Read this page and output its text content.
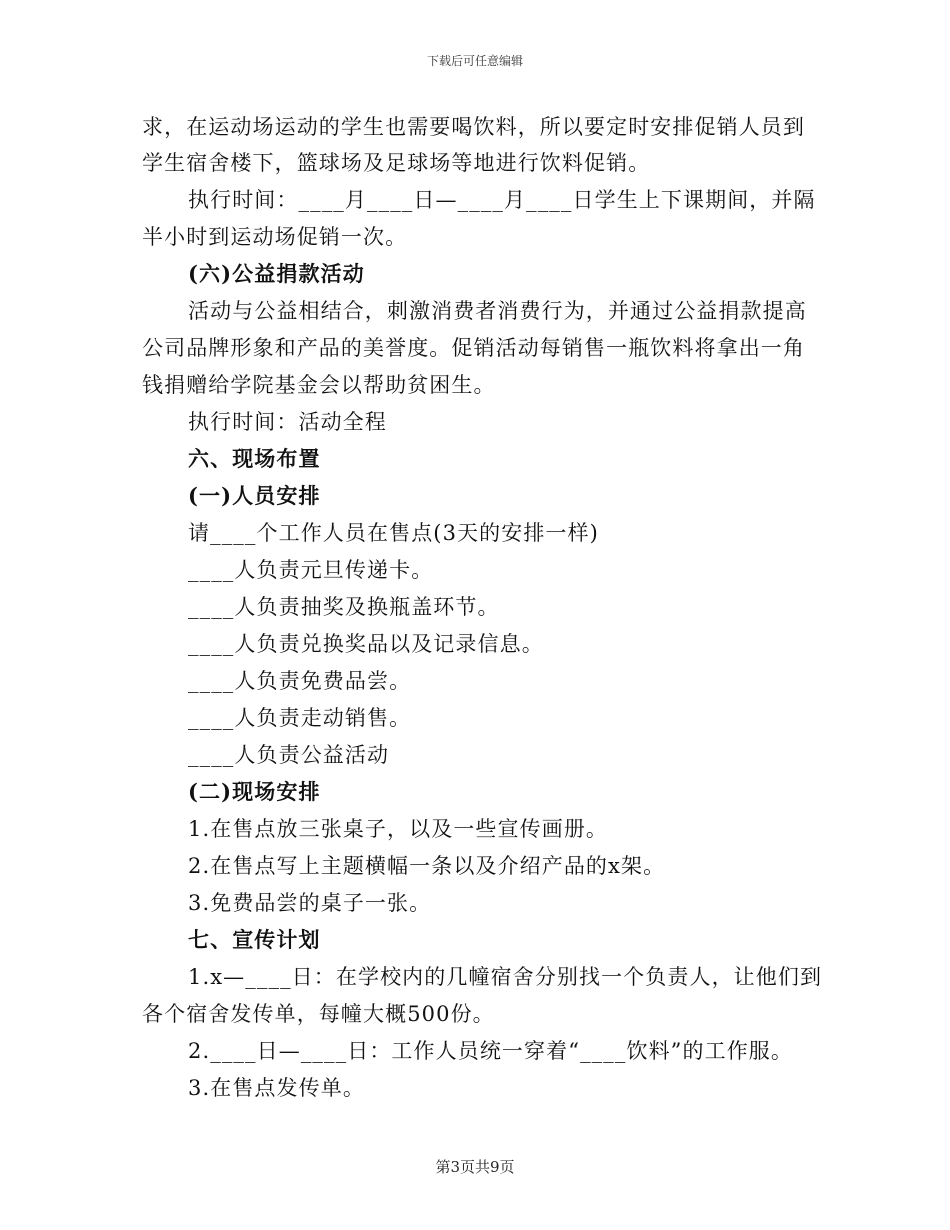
下载后可任意编辑
求，在运动场运动的学生也需要喝饮料，所以要定时安排促销人员到
学生宿舍楼下，篮球场及足球场等地进行饮料促销。
执行时间：____月____日—____月____日学生上下课期间，并隔
半小时到运动场促销一次。
(六)公益捐款活动
活动与公益相结合，刺激消费者消费行为，并通过公益捐款提高
公司品牌形象和产品的美誉度。促销活动每销售一瓶饮料将拿出一角
钱捐赠给学院基金会以帮助贫困生。
执行时间：活动全程
六、现场布置
(一)人员安排
请____个工作人员在售点(3天的安排一样)
____人负责元旦传递卡。
____人负责抽奖及换瓶盖环节。
____人负责兑换奖品以及记录信息。
____人负责免费品尝。
____人负责走动销售。
____人负责公益活动
(二)现场安排
1.在售点放三张桌子，以及一些宣传画册。
2.在售点写上主题横幅一条以及介绍产品的x架。
3.免费品尝的桌子一张。
七、宣传计划
1.x—____日：在学校内的几幢宿舍分别找一个负责人，让他们到
各个宿舍发传单，每幢大概500份。
2.____日—____日：工作人员统一穿着“____饮料”的工作服。
3.在售点发传单。
第3页共9页
